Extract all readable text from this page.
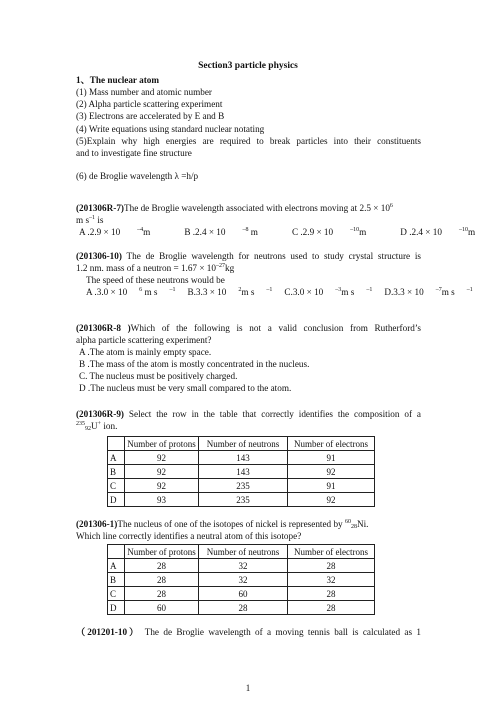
Section3 particle physics
1、The nuclear atom
(1) Mass number and atomic number
(2) Alpha particle scattering experiment
(3) Electrons are accelerated by E and B
(4) Write equations using standard nuclear notating
(5)Explain why high energies are required to break particles into their constituents
and to investigate fine structure
(6) de Broglie wavelength λ =h/p
(201306R-7)The de Broglie wavelength associated with electrons moving at $2.5 \times 10^6$
m $s^{-1}$ is
A .2.9 × 10	$^{-4}$m	B .2.4 × 10	$^{-8}$ m	C .2.9 × 10	$^{-10}$m	D .2.4 × 10	$^{-10}$m
(201306-10) The de Broglie wavelength for neutrons used to study crystal structure is
1.2 nm. mass of a neutron = $1.67 \times 10^{-27}kg$
The speed of these neutrons would be
A .3.0 × 10 $^6$ m s $^{-1}$ B.3.3 × 10 $^2$m s $^{-1}$ C.3.0 × 10 $^{-3}$m s $^{-1}$ D.3.3 × 10 $^{-7}$m s $^{-1}$
(201306R-8 )Which of the following is not a valid conclusion from Rutherford’s
alpha particle scattering experiment?
A .The atom is mainly empty space.
B .The mass of the atom is mostly concentrated in the nucleus.
C. The nucleus must be positively charged.
D .The nucleus must be very small compared to the atom.
(201306R-9) Select the row in the table that correctly identifies the composition of a
$^{235}_{92}$U+ ion.
	Number of protons	Number of neutrons	Number of electrons
A	92	143	91
B	92	143	92
C	92	235	91
D	93	235	92
(201306-1)The nucleus of one of the isotopes of nickel is represented by $^{60}_{28}$Ni.
Which line correctly identifies a neutral atom of this isotope?
	Number of protons	Number of neutrons	Number of electrons
A	28	32	28
B	28	32	32
C	28	60	28
D	60	28	28
（201201-10） The de Broglie wavelength of a moving tennis ball is calculated as 1
1
